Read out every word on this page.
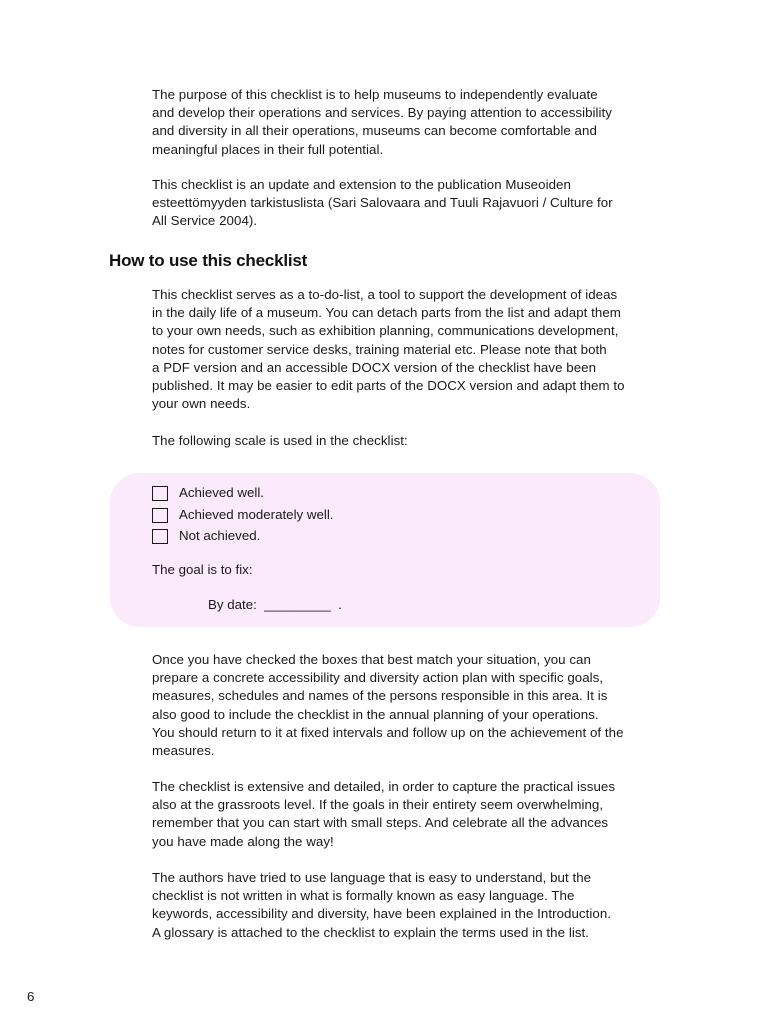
The purpose of this checklist is to help museums to independently evaluate
and develop their operations and services. By paying attention to accessibility
and diversity in all their operations, museums can become comfortable and
meaningful places in their full potential.

This checklist is an update and extension to the publication Museoiden
esteettömyyden tarkistuslista (Sari Salovaara and Tuuli Rajavuori / Culture for
All Service 2004).

How to use this checklist

This checklist serves as a to-do-list, a tool to support the development of ideas
in the daily life of a museum. You can detach parts from the list and adapt them
to your own needs, such as exhibition planning, communications development,
notes for customer service desks, training material etc. Please note that both
a PDF version and an accessible DOCX version of the checklist have been
published. It may be easier to edit parts of the DOCX version and adapt them to
your own needs.

The following scale is used in the checklist:

Achieved well.
Achieved moderately well.
Not achieved.

The goal is to fix:

By date:  _________  .

Once you have checked the boxes that best match your situation, you can
prepare a concrete accessibility and diversity action plan with specific goals,
measures, schedules and names of the persons responsible in this area. It is
also good to include the checklist in the annual planning of your operations.
You should return to it at fixed intervals and follow up on the achievement of the
measures.

The checklist is extensive and detailed, in order to capture the practical issues
also at the grassroots level. If the goals in their entirety seem overwhelming,
remember that you can start with small steps. And celebrate all the advances
you have made along the way!

The authors have tried to use language that is easy to understand, but the
checklist is not written in what is formally known as easy language. The
keywords, accessibility and diversity, have been explained in the Introduction.
A glossary is attached to the checklist to explain the terms used in the list.

6
